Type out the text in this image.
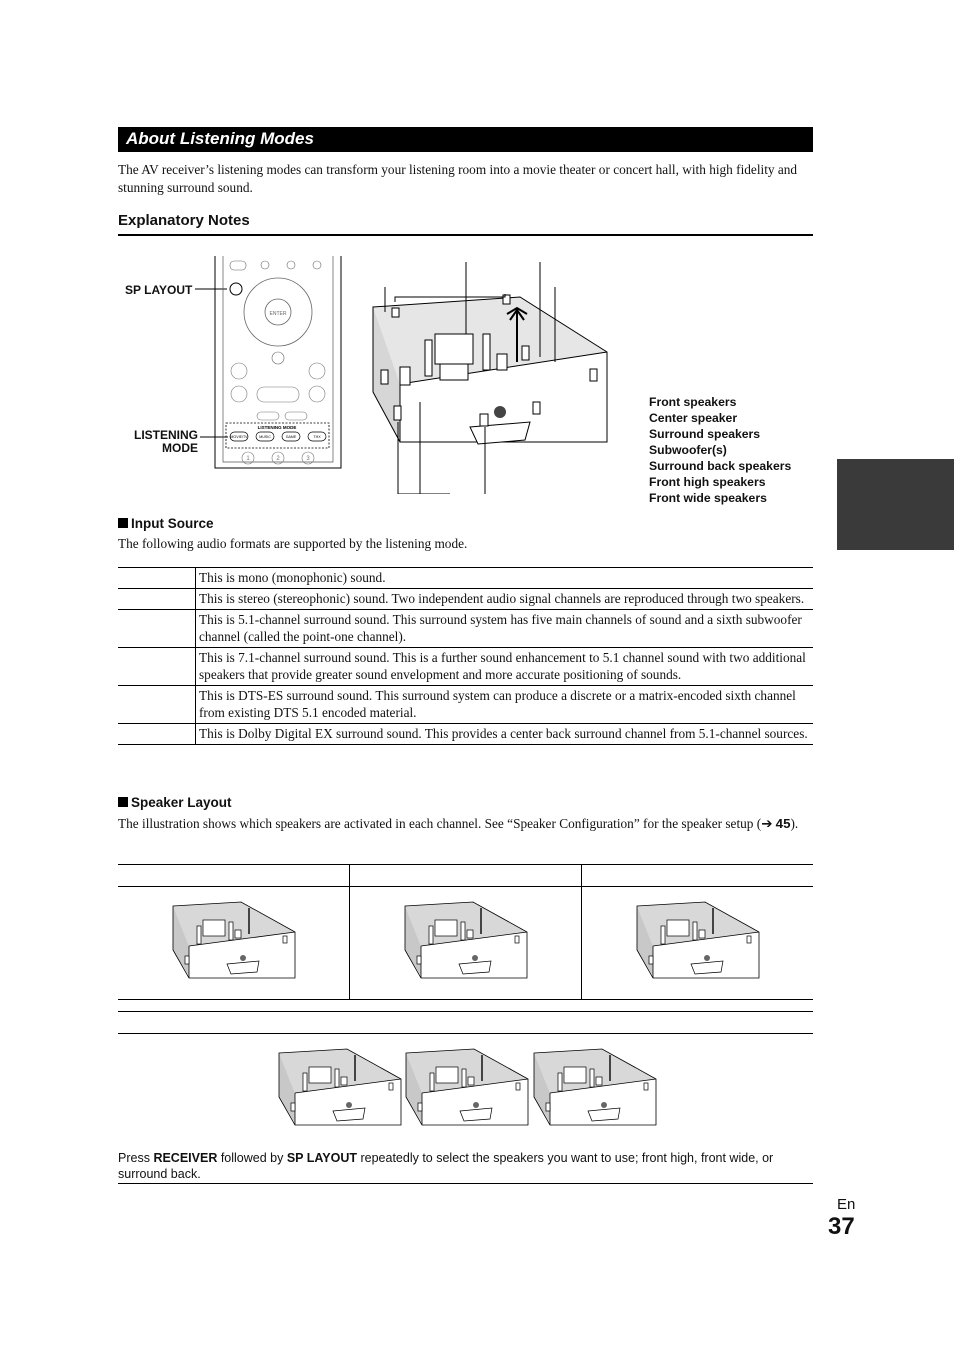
About Listening Modes
The AV receiver’s listening modes can transform your listening room into a movie theater or concert hall, with high fidelity and stunning surround sound.
Explanatory Notes
SP LAYOUT
LISTENING
MODE
ENTER
LISTENING MODE
MOVIE/TV	MUSIC	GAME	THX
1	2	3
Front speakers
Center speaker
Surround speakers
Subwoofer(s)
Surround back speakers
Front high speakers
Front wide speakers
Input Source
The following audio formats are supported by the listening mode.
	This is mono (monophonic) sound.
	This is stereo (stereophonic) sound. Two independent audio signal channels are reproduced through two speakers.
	This is 5.1-channel surround sound. This surround system has five main channels of sound and a sixth subwoofer channel (called the point-one channel).
	This is 7.1-channel surround sound. This is a further sound enhancement to 5.1 channel sound with two additional speakers that provide greater sound envelopment and more accurate positioning of sounds.
	This is DTS-ES surround sound. This surround system can produce a discrete or a matrix-encoded sixth channel from existing DTS 5.1 encoded material.
	This is Dolby Digital EX surround sound. This provides a center back surround channel from 5.1-channel sources.
Speaker Layout
The illustration shows which speakers are activated in each channel. See “Speaker Configuration” for the speaker setup (➔ 45).
Press RECEIVER followed by SP LAYOUT repeatedly to select the speakers you want to use; front high, front wide, or surround back.
En
37
